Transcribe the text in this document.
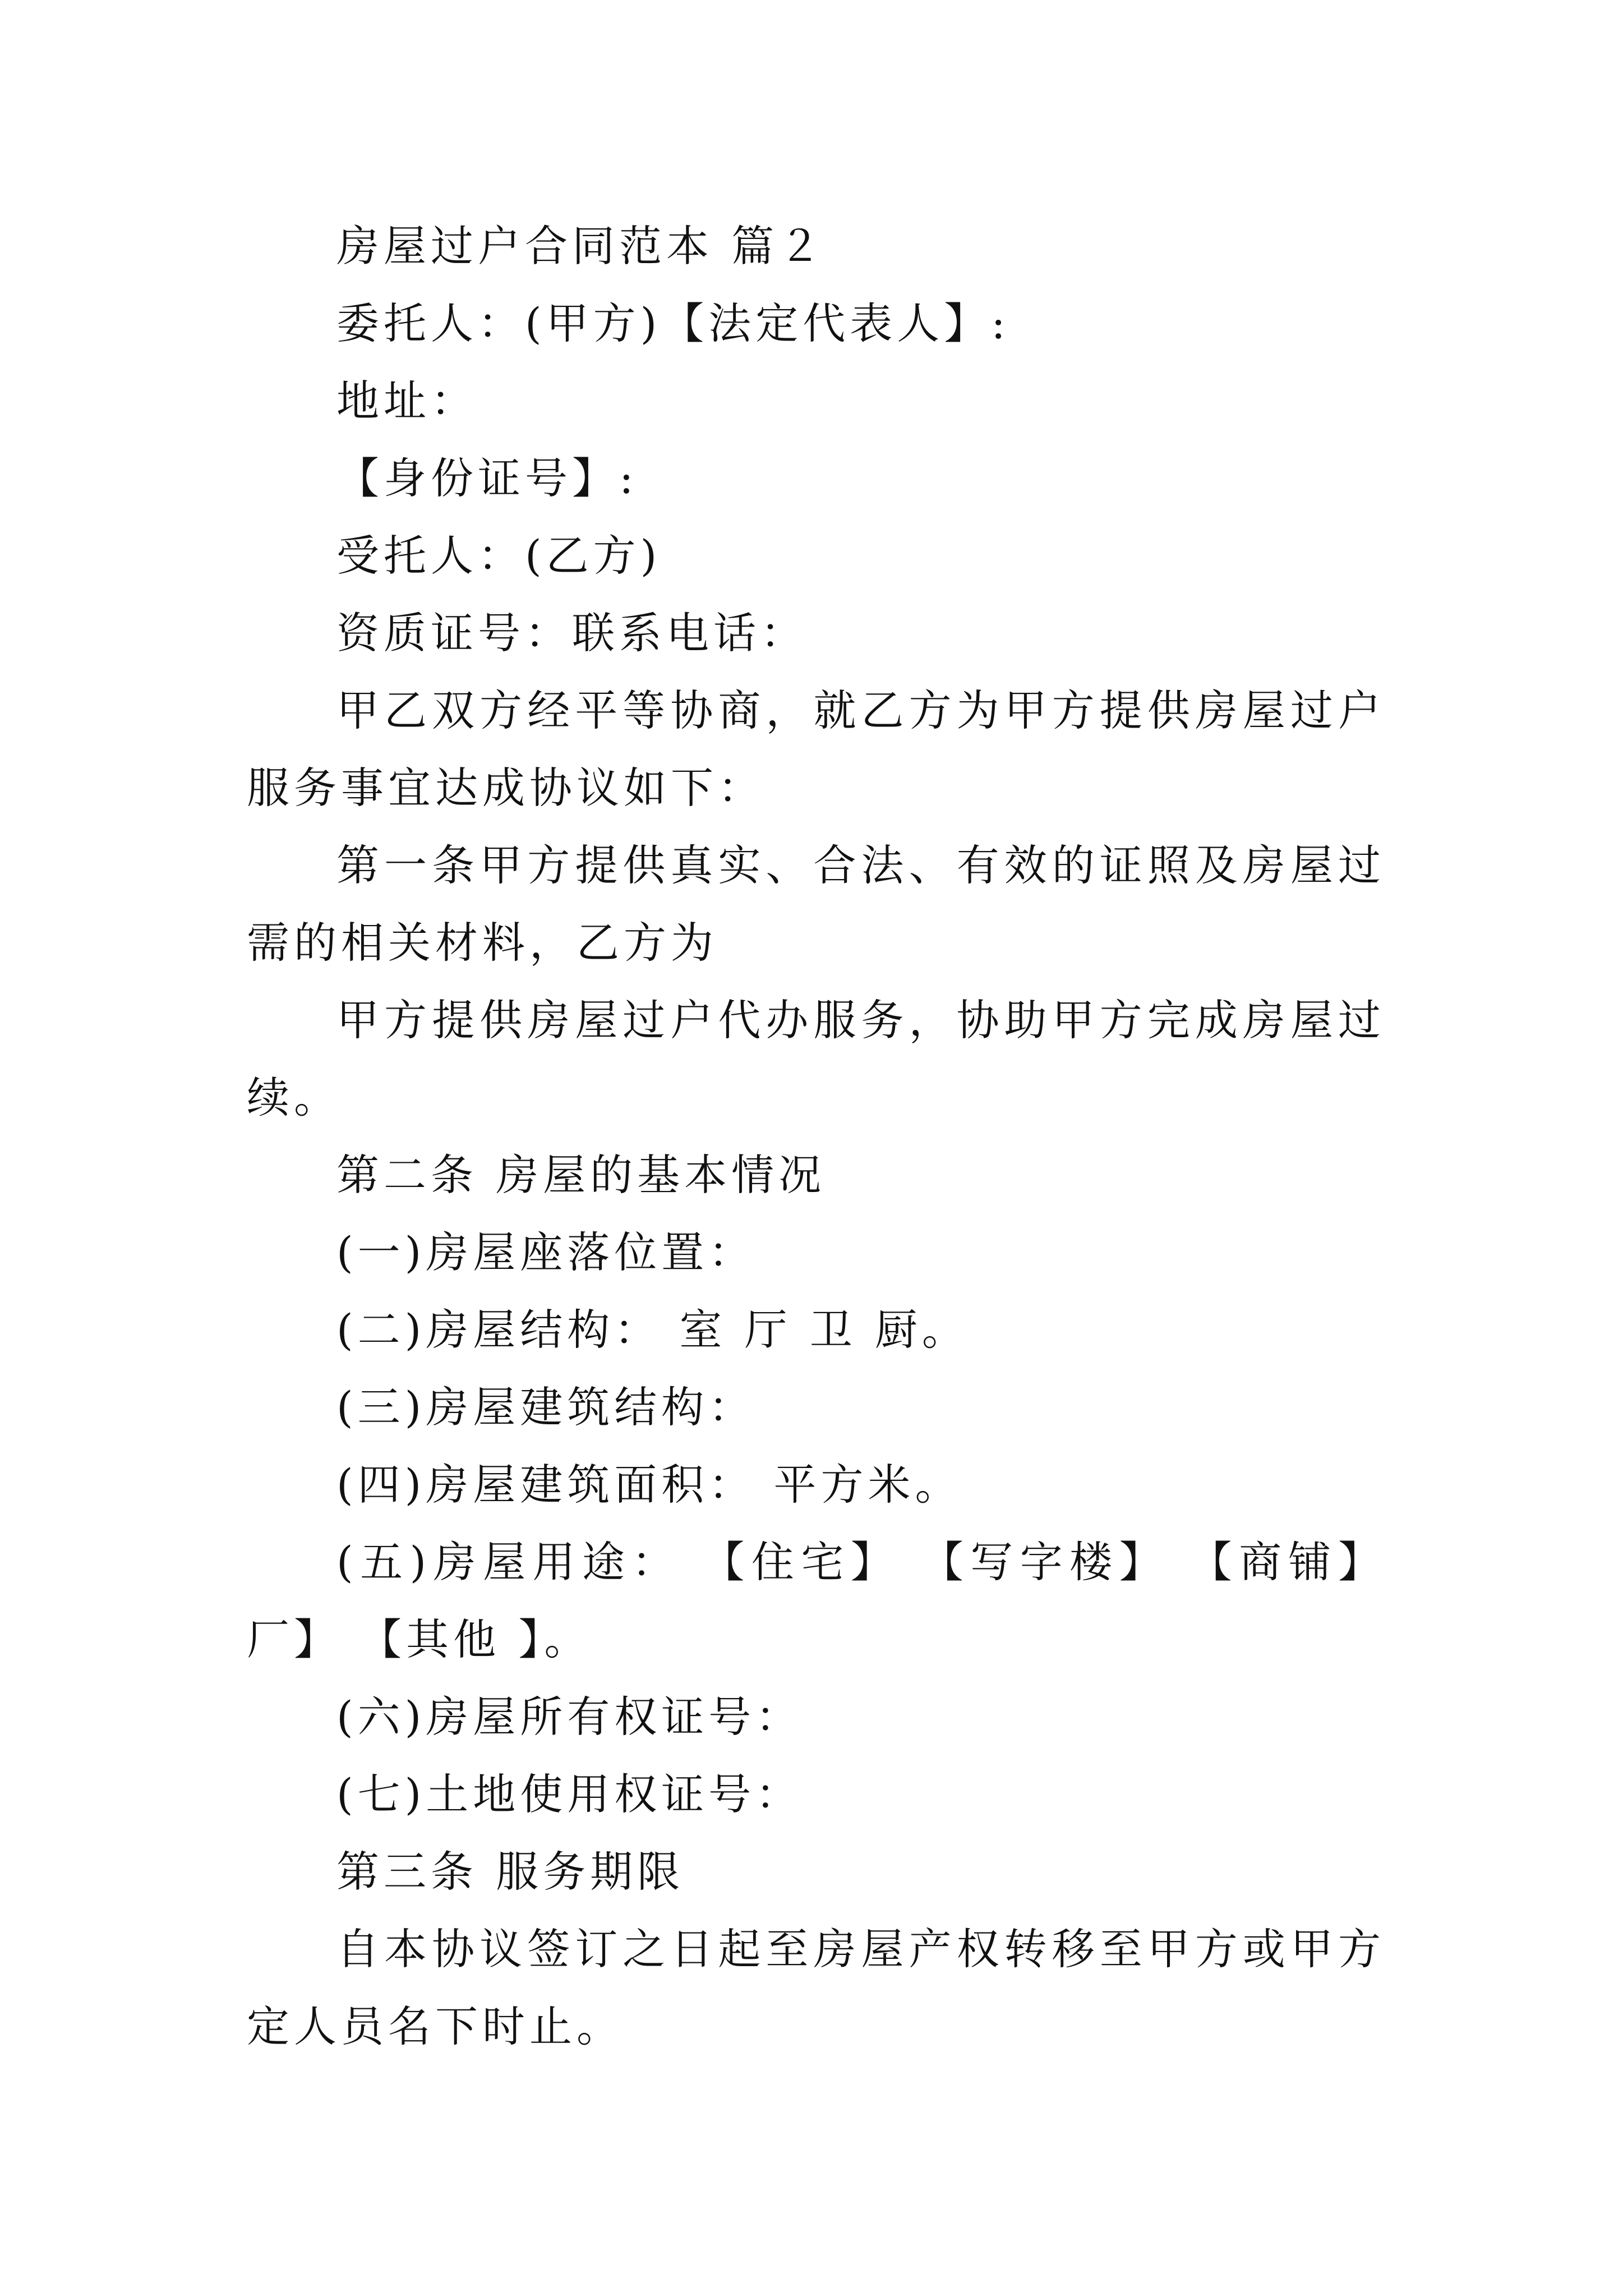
房屋过户合同范本 篇２
委托人：(甲方)【法定代表人】:
地址：
【身份证号】:
受托人：(乙方)
资质证号：联系电话：
甲乙双方经平等协商，就乙方为甲方提供房屋过户
服务事宜达成协议如下：
第一条甲方提供真实、合法、有效的证照及房屋过
需的相关材料，乙方为
甲方提供房屋过户代办服务，协助甲方完成房屋过
续。
第二条 房屋的基本情况
(一)房屋座落位置：
(二)房屋结构： 室 厅 卫 厨。
(三)房屋建筑结构：
(四)房屋建筑面积： 平方米。
(五)房屋用途： 【住宅】 【写字楼】 【商铺】
厂】 【其他 】。
(六)房屋所有权证号：
(七)土地使用权证号：
第三条 服务期限
自本协议签订之日起至房屋产权转移至甲方或甲方
定人员名下时止。
